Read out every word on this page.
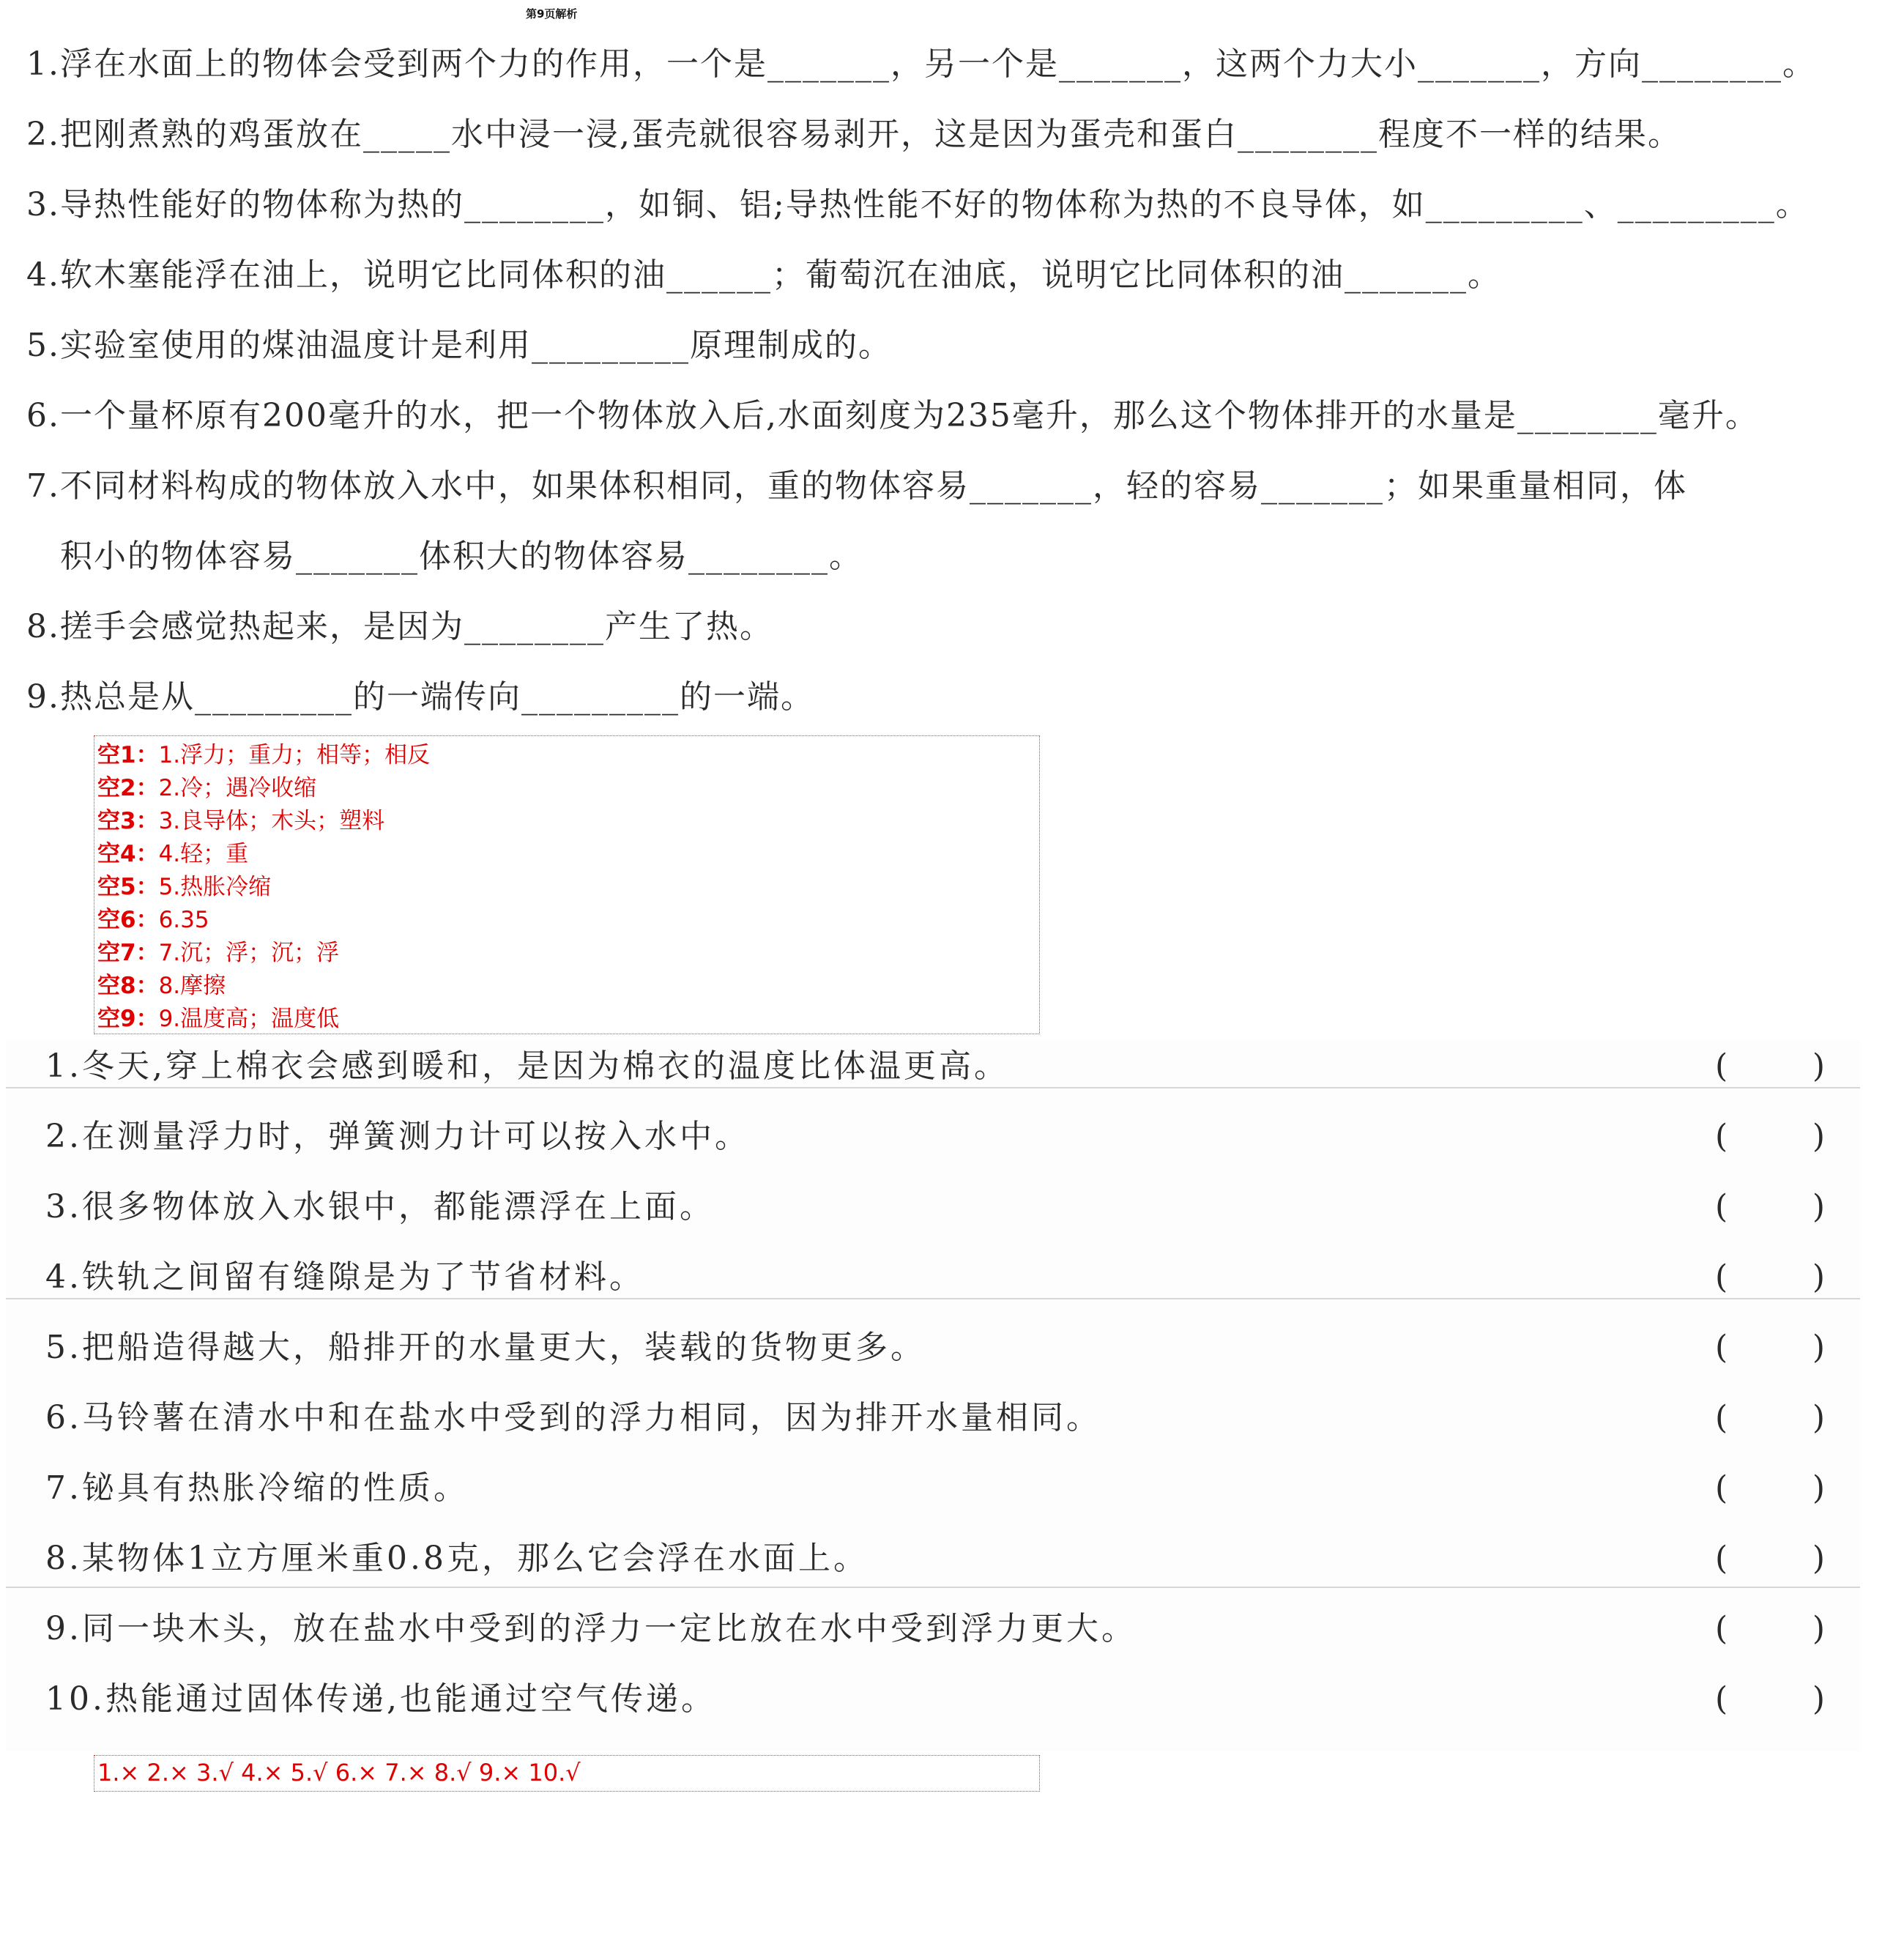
第9页解析
1.浮在水面上的物体会受到两个力的作用，一个是_______，另一个是_______，这两个力大小_______，方向________。
2.把刚煮熟的鸡蛋放在_____水中浸一浸,蛋壳就很容易剥开，这是因为蛋壳和蛋白________程度不一样的结果。
3.导热性能好的物体称为热的________，如铜、铝;导热性能不好的物体称为热的不良导体，如_________、_________。
4.软木塞能浮在油上，说明它比同体积的油______；葡萄沉在油底，说明它比同体积的油_______。
5.实验室使用的煤油温度计是利用_________原理制成的。
6.一个量杯原有200毫升的水，把一个物体放入后,水面刻度为235毫升，那么这个物体排开的水量是________毫升。
7.不同材料构成的物体放入水中，如果体积相同，重的物体容易_______，轻的容易_______；如果重量相同，体
积小的物体容易_______体积大的物体容易________。
8.搓手会感觉热起来，是因为________产生了热。
9.热总是从_________的一端传向_________的一端。
空1：1.浮力；重力；相等；相反
空2：2.冷；遇冷收缩
空3：3.良导体；木头；塑料
空4：4.轻；重
空5：5.热胀冷缩
空6：6.35
空7：7.沉；浮；沉；浮
空8：8.摩擦
空9：9.温度高；温度低
1.冬天,穿上棉衣会感到暖和，是因为棉衣的温度比体温更高。	(	)
2.在测量浮力时，弹簧测力计可以按入水中。	(	)
3.很多物体放入水银中，都能漂浮在上面。	(	)
4.铁轨之间留有缝隙是为了节省材料。	(	)
5.把船造得越大，船排开的水量更大，装载的货物更多。	(	)
6.马铃薯在清水中和在盐水中受到的浮力相同，因为排开水量相同。	(	)
7.铋具有热胀冷缩的性质。	(	)
8.某物体1立方厘米重0.8克，那么它会浮在水面上。	(	)
9.同一块木头，放在盐水中受到的浮力一定比放在水中受到浮力更大。	(	)
10.热能通过固体传递,也能通过空气传递。	(	)
1.× 2.× 3.√ 4.× 5.√ 6.× 7.× 8.√ 9.× 10.√
